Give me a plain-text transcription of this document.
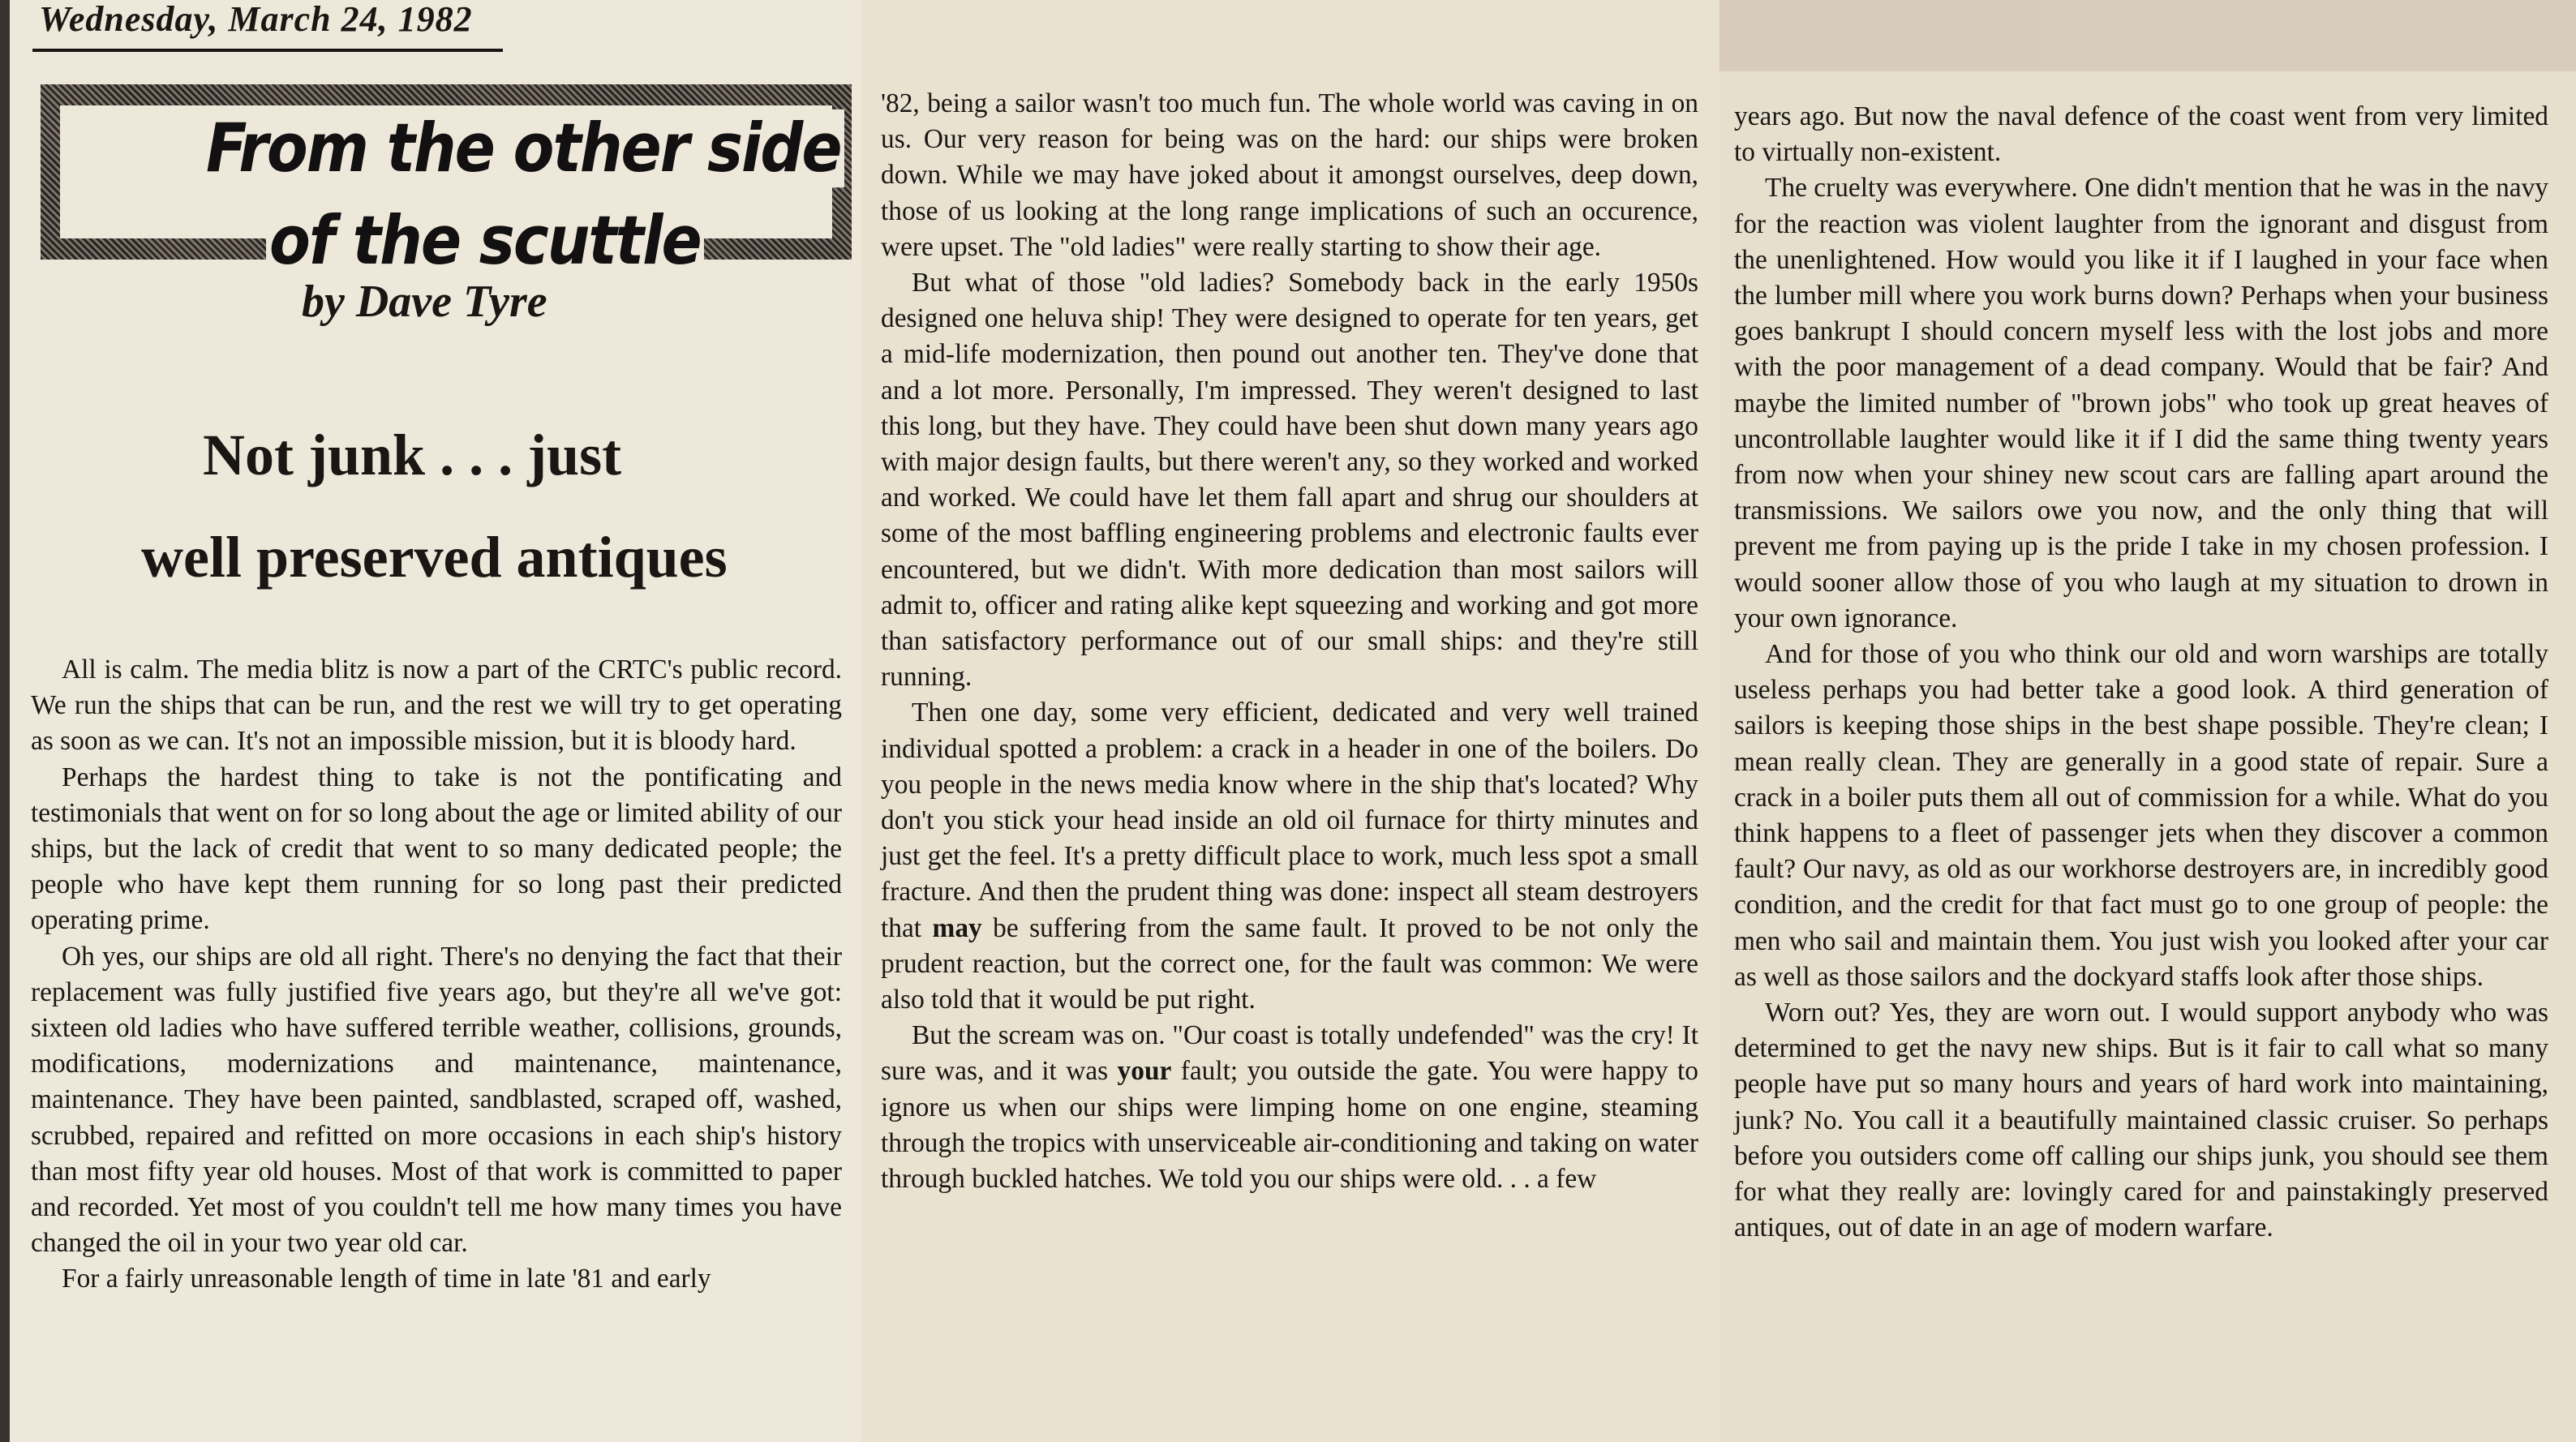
Wednesday, March 24, 1982
From the other side
of the scuttle
by Dave Tyre
Not junk . . . just
well preserved antiques

All is calm. The media blitz is now a part of the CRTC's public record. We run the ships that can be run, and the rest we will try to get operating as soon as we can. It's not an impossible mission, but it is bloody hard.

Perhaps the hardest thing to take is not the pontificating and testimonials that went on for so long about the age or limited ability of our ships, but the lack of credit that went to so many dedicated people; the people who have kept them running for so long past their predicted operating prime.

Oh yes, our ships are old all right. There's no denying the fact that their replacement was fully justified five years ago, but they're all we've got: sixteen old ladies who have suffered terrible weather, collisions, grounds, modifications, modernizations and maintenance, maintenance, maintenance. They have been painted, sandblasted, scraped off, washed, scrubbed, repaired and refitted on more occasions in each ship's history than most fifty year old houses. Most of that work is committed to paper and recorded. Yet most of you couldn't tell me how many times you have changed the oil in your two year old car.

For a fairly unreasonable length of time in late '81 and early

'82, being a sailor wasn't too much fun. The whole world was caving in on us. Our very reason for being was on the hard: our ships were broken down. While we may have joked about it amongst ourselves, deep down, those of us looking at the long range implications of such an occurence, were upset. The "old ladies" were really starting to show their age.

But what of those "old ladies? Somebody back in the early 1950s designed one heluva ship! They were designed to operate for ten years, get a mid-life modernization, then pound out another ten. They've done that and a lot more. Personally, I'm impressed. They weren't designed to last this long, but they have. They could have been shut down many years ago with major design faults, but there weren't any, so they worked and worked and worked. We could have let them fall apart and shrug our shoulders at some of the most baffling engineering problems and electronic faults ever encountered, but we didn't. With more dedication than most sailors will admit to, officer and rating alike kept squeezing and working and got more than satisfactory performance out of our small ships: and they're still running.

Then one day, some very efficient, dedicated and very well trained individual spotted a problem: a crack in a header in one of the boilers. Do you people in the news media know where in the ship that's located? Why don't you stick your head inside an old oil furnace for thirty minutes and just get the feel. It's a pretty difficult place to work, much less spot a small fracture. And then the prudent thing was done: inspect all steam destroyers that may be suffering from the same fault. It proved to be not only the prudent reaction, but the correct one, for the fault was common: We were also told that it would be put right.

But the scream was on. "Our coast is totally undefended" was the cry! It sure was, and it was your fault; you outside the gate. You were happy to ignore us when our ships were limping home on one engine, steaming through the tropics with unserviceable air-conditioning and taking on water through buckled hatches. We told you our ships were old. . . a few

years ago. But now the naval defence of the coast went from very limited to virtually non-existent.

The cruelty was everywhere. One didn't mention that he was in the navy for the reaction was violent laughter from the ignorant and disgust from the unenlightened. How would you like it if I laughed in your face when the lumber mill where you work burns down? Perhaps when your business goes bankrupt I should concern myself less with the lost jobs and more with the poor management of a dead company. Would that be fair? And maybe the limited number of "brown jobs" who took up great heaves of uncontrollable laughter would like it if I did the same thing twenty years from now when your shiney new scout cars are falling apart around the transmissions. We sailors owe you now, and the only thing that will prevent me from paying up is the pride I take in my chosen profession. I would sooner allow those of you who laugh at my situation to drown in your own ignorance.

And for those of you who think our old and worn warships are totally useless perhaps you had better take a good look. A third generation of sailors is keeping those ships in the best shape possible. They're clean; I mean really clean. They are generally in a good state of repair. Sure a crack in a boiler puts them all out of commission for a while. What do you think happens to a fleet of passenger jets when they discover a common fault? Our navy, as old as our workhorse destroyers are, in incredibly good condition, and the credit for that fact must go to one group of people: the men who sail and maintain them. You just wish you looked after your car as well as those sailors and the dockyard staffs look after those ships.

Worn out? Yes, they are worn out. I would support anybody who was determined to get the navy new ships. But is it fair to call what so many people have put so many hours and years of hard work into maintaining, junk? No. You call it a beautifully maintained classic cruiser. So perhaps before you outsiders come off calling our ships junk, you should see them for what they really are: lovingly cared for and painstakingly preserved antiques, out of date in an age of modern warfare.
